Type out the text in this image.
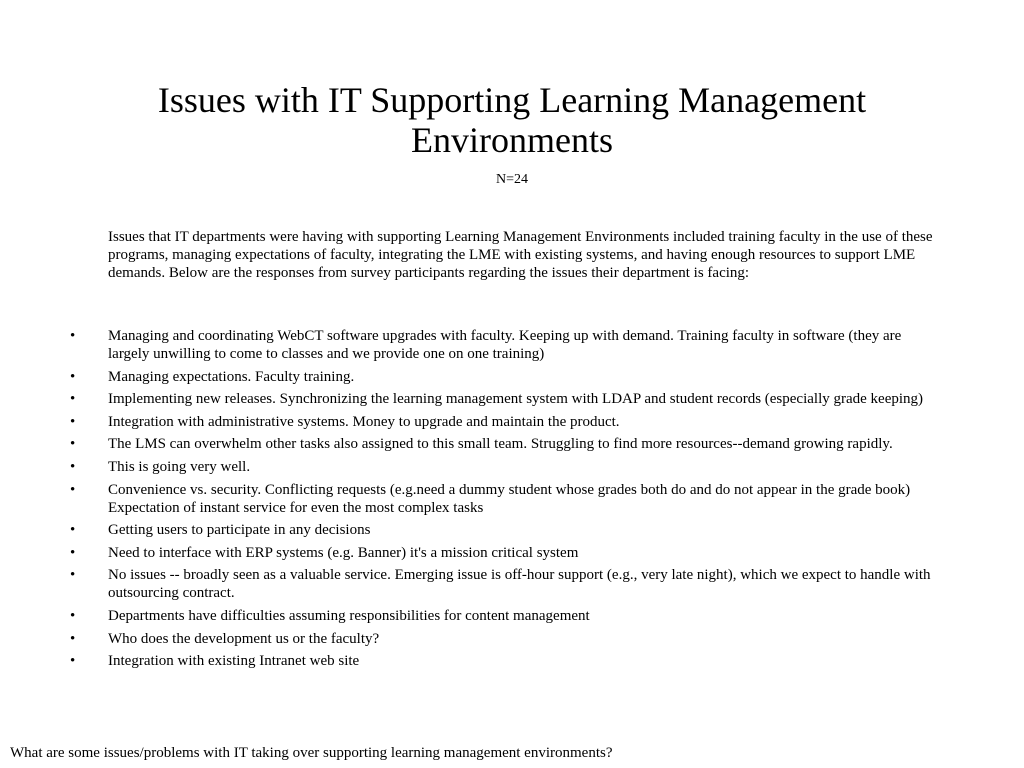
Issues with IT Supporting Learning Management Environments
N=24

Issues that IT departments were having with supporting Learning Management Environments included training faculty in the use of these programs, managing expectations of faculty, integrating the LME with existing systems, and having enough resources to support LME demands. Below are the responses from survey participants regarding the issues their department is facing:

• Managing and coordinating WebCT software upgrades with faculty. Keeping up with demand. Training faculty in software (they are largely unwilling to come to classes and we provide one on one training)
• Managing expectations. Faculty training.
• Implementing new releases. Synchronizing the learning management system with LDAP and student records (especially grade keeping)
• Integration with administrative systems. Money to upgrade and maintain the product.
• The LMS can overwhelm other tasks also assigned to this small team. Struggling to find more resources--demand growing rapidly.
• This is going very well.
• Convenience vs. security. Conflicting requests (e.g.need a dummy student whose grades both do and do not appear in the grade book) Expectation of instant service for even the most complex tasks
• Getting users to participate in any decisions
• Need to interface with ERP systems (e.g. Banner) it's a mission critical system
• No issues -- broadly seen as a valuable service. Emerging issue is off-hour support (e.g., very late night), which we expect to handle with outsourcing contract.
• Departments have difficulties assuming responsibilities for content management
• Who does the development us or the faculty?
• Integration with existing Intranet web site
What are some issues/problems with IT taking over supporting learning management environments?
